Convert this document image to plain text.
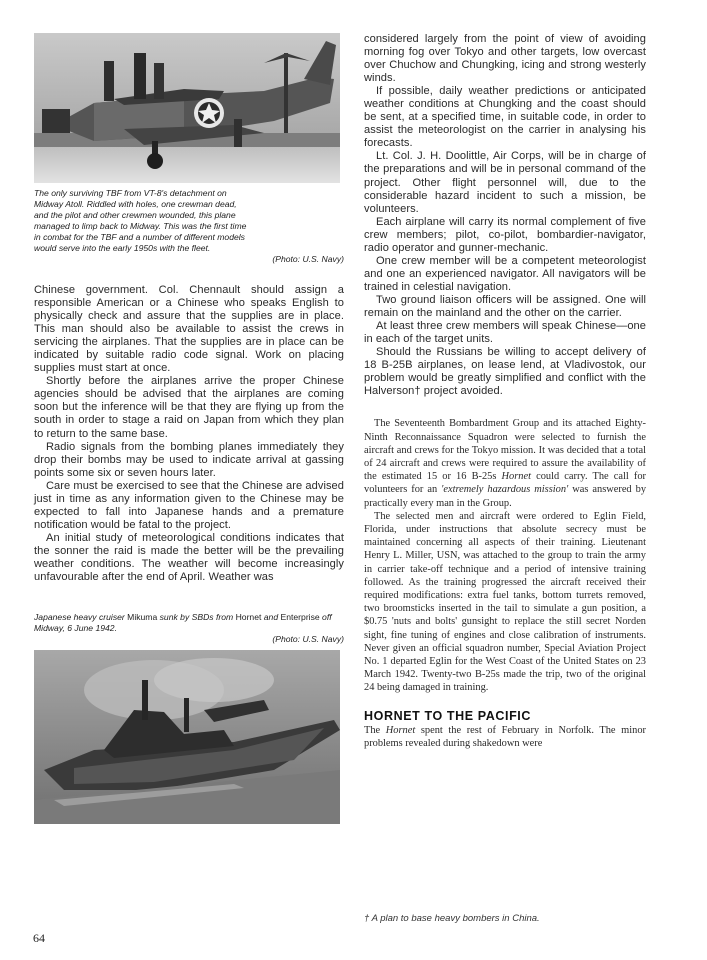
The only surviving TBF from VT-8's detachment on
Midway Atoll. Riddled with holes, one crewman dead,
and the pilot and other crewmen wounded, this plane
managed to limp back to Midway. This was the first time
in combat for the TBF and a number of different models
would serve into the early 1950s with the fleet.
(Photo: U.S. Navy)

Chinese government. Col. Chennault should assign a responsible American or a Chinese who speaks English to physically check and assure that the supplies are in place. This man should also be available to assist the crews in servicing the airplanes. That the supplies are in place can be indicated by suitable radio code signal. Work on placing supplies must start at once.

Shortly before the airplanes arrive the proper Chinese agencies should be advised that the airplanes are coming soon but the inference will be that they are flying up from the south in order to stage a raid on Japan from which they plan to return to the same base.

Radio signals from the bombing planes immediately they drop their bombs may be used to indicate arrival at gassing points some six or seven hours later.

Care must be exercised to see that the Chinese are advised just in time as any information given to the Chinese may be expected to fall into Japanese hands and a premature notification would be fatal to the project.

An initial study of meteorological conditions indicates that the sonner the raid is made the better will be the prevailing weather conditions. The weather will become increasingly unfavourable after the end of April. Weather was

Japanese heavy cruiser Mikuma sunk by SBDs from Hornet and Enterprise off Midway, 6 June 1942.
(Photo: U.S. Navy)

considered largely from the point of view of avoiding morning fog over Tokyo and other targets, low overcast over Chuchow and Chungking, icing and strong westerly winds.

If possible, daily weather predictions or anticipated weather conditions at Chungking and the coast should be sent, at a specified time, in suitable code, in order to assist the meteorologist on the carrier in analysing his forecasts.

Lt. Col. J. H. Doolittle, Air Corps, will be in charge of the preparations and will be in personal command of the project. Other flight personnel will, due to the considerable hazard incident to such a mission, be volunteers.

Each airplane will carry its normal complement of five crew members; pilot, co-pilot, bombardier-navigator, radio operator and gunner-mechanic.

One crew member will be a competent meteorologist and one an experienced navigator. All navigators will be trained in celestial navigation.

Two ground liaison officers will be assigned. One will remain on the mainland and the other on the carrier.

At least three crew members will speak Chinese—one in each of the target units.

Should the Russians be willing to accept delivery of 18 B-25B airplanes, on lease lend, at Vladivostok, our problem would be greatly simplified and conflict with the Halverson† project avoided.

The Seventeenth Bombardment Group and its attached Eighty-Ninth Reconnaissance Squadron were selected to furnish the aircraft and crews for the Tokyo mission. It was decided that a total of 24 aircraft and crews were required to assure the availability of the estimated 15 or 16 B-25s Hornet could carry. The call for volunteers for an 'extremely hazardous mission' was answered by practically every man in the Group.

The selected men and aircraft were ordered to Eglin Field, Florida, under instructions that absolute secrecy must be maintained concerning all aspects of their training. Lieutenant Henry L. Miller, USN, was attached to the group to train the army in carrier take-off technique and a period of intensive training followed. As the training progressed the aircraft received their required modifications: extra fuel tanks, bottom turrets removed, two broomsticks inserted in the tail to simulate a gun position, a $0.75 'nuts and bolts' gunsight to replace the still secret Norden sight, fine tuning of engines and close calibration of instruments. Never given an official squadron number, Special Aviation Project No. 1 departed Eglin for the West Coast of the United States on 23 March 1942. Twenty-two B-25s made the trip, two of the original 24 being damaged in training.

HORNET TO THE PACIFIC

The Hornet spent the rest of February in Norfolk. The minor problems revealed during shakedown were

† A plan to base heavy bombers in China.
64
